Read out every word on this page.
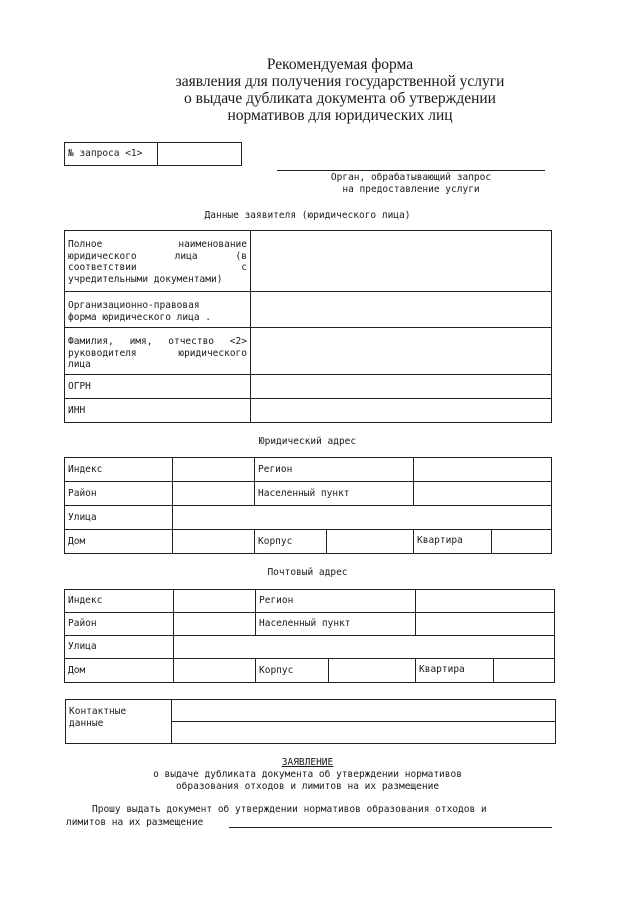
Рекомендуемая форма
заявления для получения государственной услуги
о выдаче дубликата документа об утверждении
нормативов для юридических лиц
№ запроса <1>	
Орган, обрабатывающий запрос
на предоставление услуги
Данные заявителя (юридического лица)
Полное наименование
юридического лица (в
соответствии с
учредительными документами)	

Организационно-правовая
форма юридического лица .	

Фамилия, имя, отчество <2>
руководителя юридического
лица	

ОГРН	
ИНН	
Юридический адрес
Индекс		Регион		
Район		Населенный пункт		
Улица				
Дом		Корпус		Квартира
Почтовый адрес
Индекс		Регион		
Район		Населенный пункт		
Улица				
Дом		Корпус		Квартира
Контактные
данные

ЗАЯВЛЕНИЕ
о выдаче дубликата документа об утверждении нормативов
образования отходов и лимитов на их размещение
Прошу выдать документ об утверждении нормативов образования отходов и
лимитов на их размещение
